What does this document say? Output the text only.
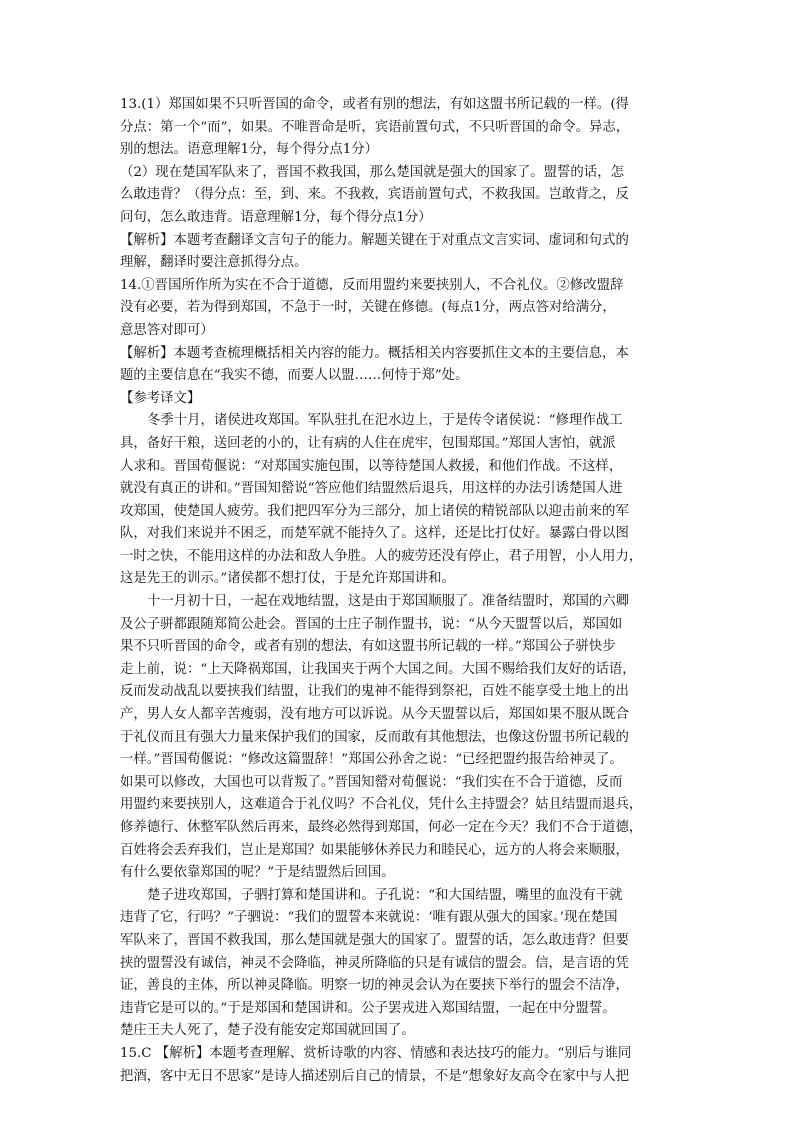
13.(1）郑国如果不只听晋国的命令，或者有别的想法，有如这盟书所记载的一样。(得
分点：第一个“而”，如果。不唯晋命是听，宾语前置句式，不只听晋国的命令。异志，
别的想法。语意理解1分，每个得分点1分）
（2）现在楚国军队来了，晋国不救我国，那么楚国就是强大的国家了。盟誓的话，怎
么敢违背？（得分点：至，到、来。不我救，宾语前置句式，不救我国。岂敢背之，反
问句，怎么敢违背。语意理解1分，每个得分点1分）
【解析】本题考查翻译文言句子的能力。解题关键在于对重点文言实词、虚词和句式的
理解，翻译时要注意抓得分点。
14.①晋国所作所为实在不合于道德，反而用盟约来要挟别人，不合礼仪。②修改盟辞
没有必要，若为得到郑国，不急于一时，关键在修德。(每点1分，两点答对给满分，
意思答对即可）
【解析】本题考查梳理概括相关内容的能力。概括相关内容要抓住文本的主要信息，本
题的主要信息在“我实不德，而要人以盟……何恃于郑”处。
【参考译文】
冬季十月，诸侯进攻郑国。军队驻扎在汜水边上，于是传令诸侯说：“修理作战工
具，备好干粮，送回老的小的，让有病的人住在虎牢，包围郑国。”郑国人害怕，就派
人求和。晋国荀偃说：“对郑国实施包围，以等待楚国人救援，和他们作战。不这样，
就没有真正的讲和。”晋国知罃说“答应他们结盟然后退兵，用这样的办法引诱楚国人进
攻郑国，使楚国人疲劳。我们把四军分为三部分，加上诸侯的精锐部队以迎击前来的军
队，对我们来说并不困乏，而楚军就不能持久了。这样，还是比打仗好。暴露白骨以图
一时之快，不能用这样的办法和敌人争胜。人的疲劳还没有停止，君子用智，小人用力，
这是先王的训示。”诸侯都不想打仗，于是允许郑国讲和。
十一月初十日，一起在戏地结盟，这是由于郑国顺服了。准备结盟时，郑国的六卿
及公子骈都跟随郑简公赴会。晋国的士庄子制作盟书，说：“从今天盟誓以后，郑国如
果不只听晋国的命令，或者有别的想法，有如这盟书所记载的一样。”郑国公子骈快步
走上前，说：“上天降祸郑国，让我国夹于两个大国之间。大国不赐给我们友好的话语，
反而发动战乱以要挟我们结盟，让我们的鬼神不能得到祭祀，百姓不能享受土地上的出
产，男人女人都辛苦瘦弱，没有地方可以诉说。从今天盟誓以后，郑国如果不服从既合
于礼仪而且有强大力量来保护我们的国家，反而敢有其他想法，也像这份盟书所记载的
一样。”晋国荀偃说：“修改这篇盟辞！”郑国公孙舍之说：“已经把盟约报告给神灵了。
如果可以修改，大国也可以背叛了。”晋国知罃对荀偃说：“我们实在不合于道德，反而
用盟约来要挟别人，这难道合于礼仪吗？不合礼仪，凭什么主持盟会？姑且结盟而退兵，
修养德行、休整军队然后再来，最终必然得到郑国，何必一定在今天？我们不合于道德，
百姓将会丢弃我们，岂止是郑国？如果能够休养民力和睦民心，远方的人将会来顺服，
有什么要依靠郑国的呢？”于是结盟然后回国。
楚子进攻郑国，子驷打算和楚国讲和。子孔说：“和大国结盟，嘴里的血没有干就
违背了它，行吗？”子驷说：“我们的盟誓本来就说：‘唯有跟从强大的国家。’现在楚国
军队来了，晋国不救我国，那么楚国就是强大的国家了。盟誓的话，怎么敢违背？但要
挟的盟誓没有诚信，神灵不会降临，神灵所降临的只是有诚信的盟会。信，是言语的凭
证，善良的主体，所以神灵降临。明察一切的神灵会认为在要挟下举行的盟会不洁净，
违背它是可以的。”于是郑国和楚国讲和。公子罢戎进入郑国结盟，一起在中分盟誓。
楚庄王夫人死了，楚子没有能安定郑国就回国了。
15.C 【解析】本题考查理解、赏析诗歌的内容、情感和表达技巧的能力。“别后与谁同
把酒，客中无日不思家”是诗人描述别后自己的情景，不是“想象好友高令在家中与人把
